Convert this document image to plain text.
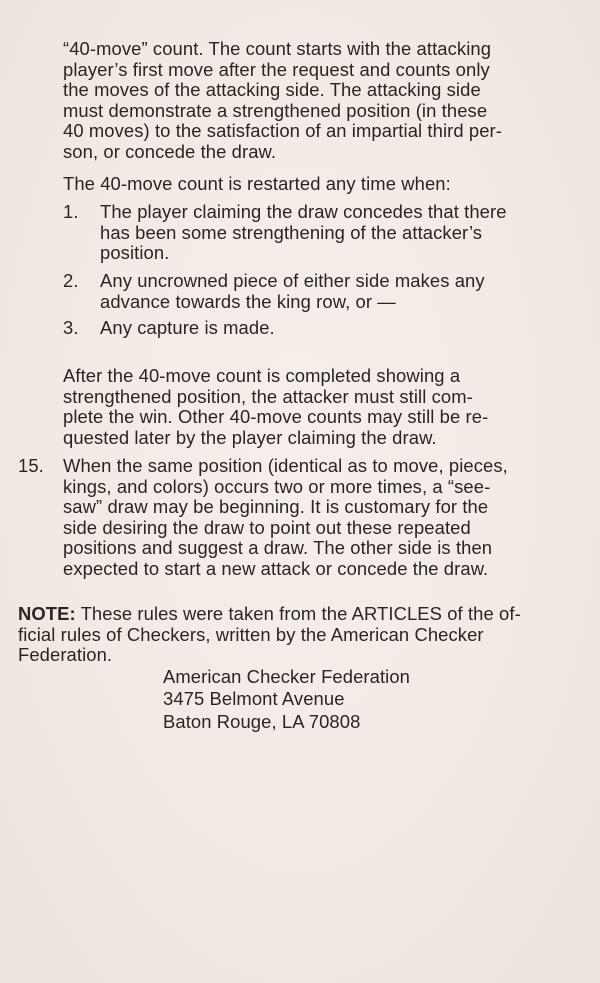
“40-move” count. The count starts with the attacking
player’s first move after the request and counts only
the moves of the attacking side. The attacking side
must demonstrate a strengthened position (in these
40 moves) to the satisfaction of an impartial third per-
son, or concede the draw.
The 40-move count is restarted any time when:
1. The player claiming the draw concedes that there
has been some strengthening of the attacker’s
position.
2. Any uncrowned piece of either side makes any
advance towards the king row, or —
3. Any capture is made.
After the 40-move count is completed showing a
strengthened position, the attacker must still com-
plete the win. Other 40-move counts may still be re-
quested later by the player claiming the draw.
15. When the same position (identical as to move, pieces,
kings, and colors) occurs two or more times, a “see-
saw” draw may be beginning. It is customary for the
side desiring the draw to point out these repeated
positions and suggest a draw. The other side is then
expected to start a new attack or concede the draw.
NOTE: These rules were taken from the ARTICLES of the of-
ficial rules of Checkers, written by the American Checker
Federation.
American Checker Federation
3475 Belmont Avenue
Baton Rouge, LA 70808
